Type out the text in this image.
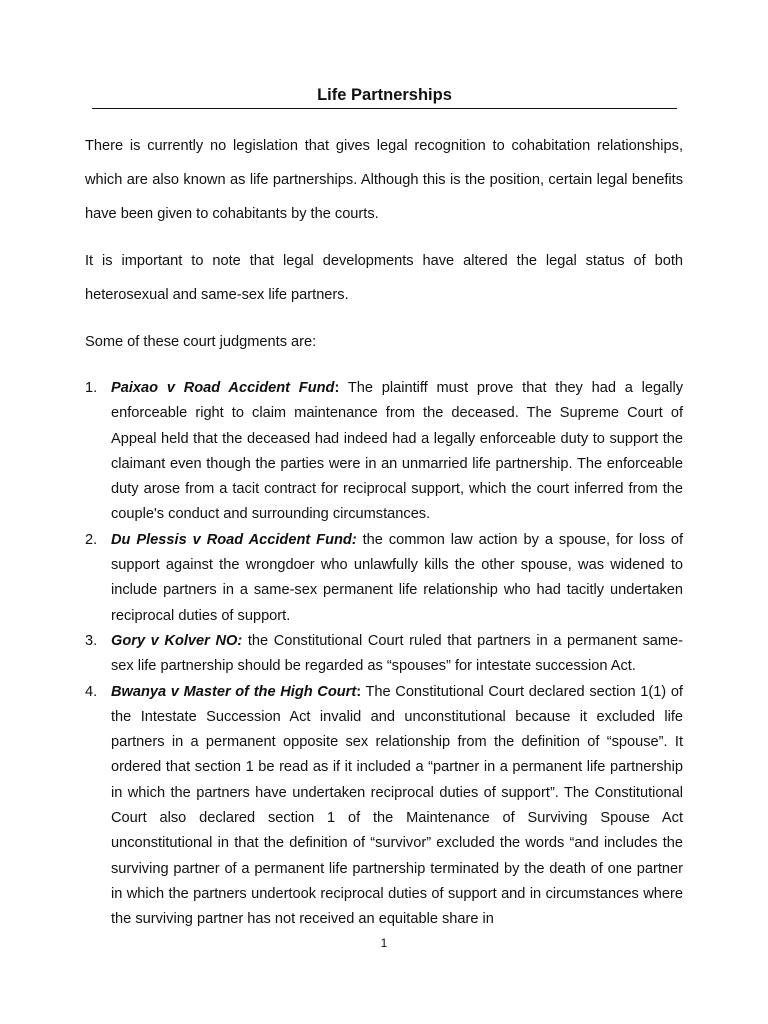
Life Partnerships

There is currently no legislation that gives legal recognition to cohabitation relationships, which are also known as life partnerships. Although this is the position, certain legal benefits have been given to cohabitants by the courts.

It is important to note that legal developments have altered the legal status of both heterosexual and same-sex life partners.

Some of these court judgments are:

1. Paixao v Road Accident Fund: The plaintiff must prove that they had a legally enforceable right to claim maintenance from the deceased. The Supreme Court of Appeal held that the deceased had indeed had a legally enforceable duty to support the claimant even though the parties were in an unmarried life partnership. The enforceable duty arose from a tacit contract for reciprocal support, which the court inferred from the couple's conduct and surrounding circumstances.

2. Du Plessis v Road Accident Fund: the common law action by a spouse, for loss of support against the wrongdoer who unlawfully kills the other spouse, was widened to include partners in a same-sex permanent life relationship who had tacitly undertaken reciprocal duties of support.

3. Gory v Kolver NO: the Constitutional Court ruled that partners in a permanent same-sex life partnership should be regarded as “spouses” for intestate succession Act.

4. Bwanya v Master of the High Court: The Constitutional Court declared section 1(1) of the Intestate Succession Act invalid and unconstitutional because it excluded life partners in a permanent opposite sex relationship from the definition of “spouse”. It ordered that section 1 be read as if it included a “partner in a permanent life partnership in which the partners have undertaken reciprocal duties of support”. The Constitutional Court also declared section 1 of the Maintenance of Surviving Spouse Act unconstitutional in that the definition of “survivor” excluded the words “and includes the surviving partner of a permanent life partnership terminated by the death of one partner in which the partners undertook reciprocal duties of support and in circumstances where the surviving partner has not received an equitable share in

1
